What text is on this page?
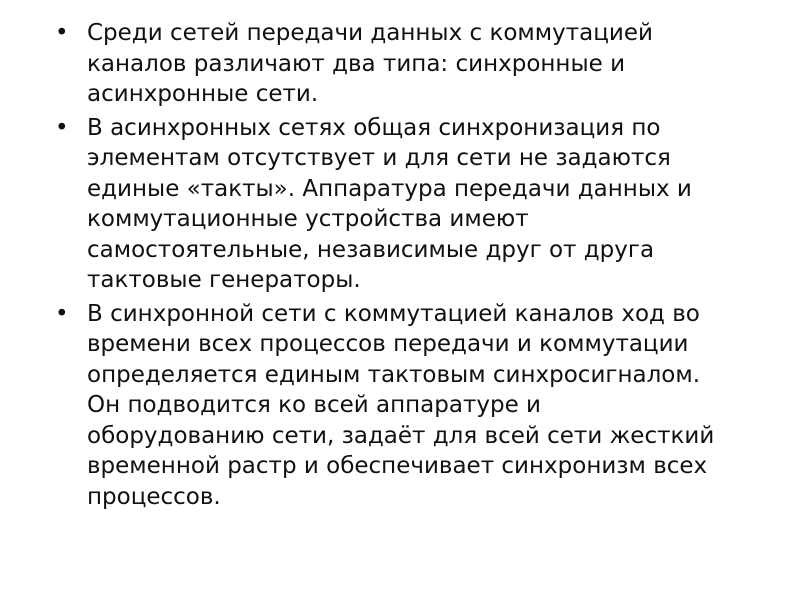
• Среди сетей передачи данных с коммутацией
каналов различают два типа: синхронные и
асинхронные сети.
• В асинхронных сетях общая синхронизация по
элементам отсутствует и для сети не задаются
единые «такты». Аппаратура передачи данных и
коммутационные устройства имеют
самостоятельные, независимые друг от друга
тактовые генераторы.
• В синхронной сети с коммутацией каналов ход во
времени всех процессов передачи и коммутации
определяется единым тактовым синхросигналом.
Он подводится ко всей аппаратуре и
оборудованию сети, задаёт для всей сети жесткий
временной растр и обеспечивает синхронизм всех
процессов.
